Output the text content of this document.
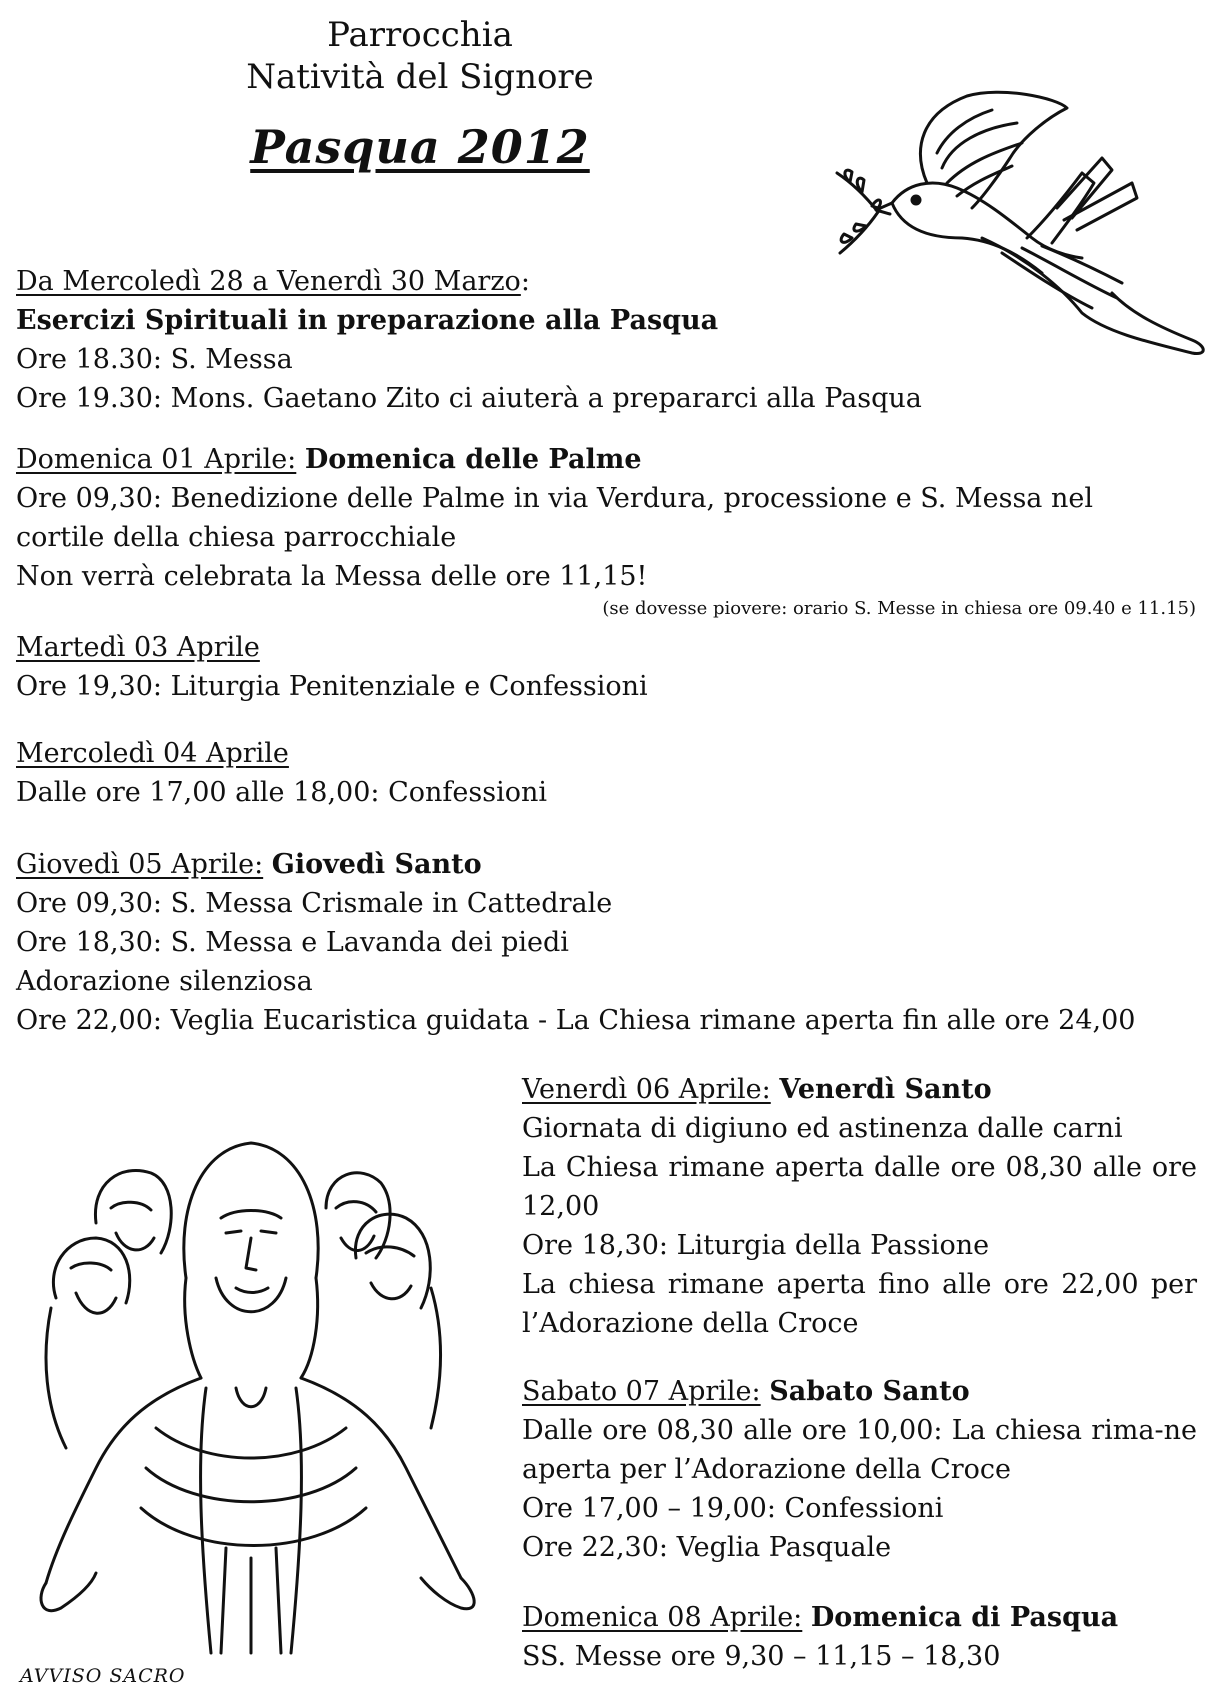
Parrocchia

Natività del Signore

Pasqua 2012

Da Mercoledì 28 a Venerdì 30 Marzo:

Esercizi Spirituali in preparazione alla Pasqua

Ore 18.30: S. Messa

Ore 19.30: Mons. Gaetano Zito ci aiuterà a prepararci alla Pasqua

Domenica 01 Aprile: Domenica delle Palme

Ore 09,30: Benedizione delle Palme in via Verdura, processione e S. Messa nel

cortile della chiesa parrocchiale

Non verrà celebrata la Messa delle ore 11,15!

(se dovesse piovere: orario S. Messe in chiesa ore 09.40 e 11.15)

Martedì 03 Aprile

Ore 19,30: Liturgia Penitenziale e Confessioni

Mercoledì 04 Aprile

Dalle ore 17,00 alle 18,00: Confessioni

Giovedì 05 Aprile: Giovedì Santo

Ore 09,30: S. Messa Crismale in Cattedrale

Ore 18,30: S. Messa e Lavanda dei piedi

Adorazione silenziosa

Ore 22,00: Veglia Eucaristica guidata - La Chiesa rimane aperta fin alle ore 24,00

Venerdì 06 Aprile: Venerdì Santo

Giornata di digiuno ed astinenza dalle carni

La Chiesa rimane aperta dalle ore 08,30 alle ore 12,00

Ore 18,30: Liturgia della Passione

La chiesa rimane aperta fino alle ore 22,00 per l’Adorazione della Croce

Sabato 07 Aprile: Sabato Santo

Dalle ore 08,30 alle ore 10,00: La chiesa rima-ne aperta per l’Adorazione della Croce

Ore 17,00 – 19,00: Confessioni

Ore 22,30: Veglia Pasquale

Domenica 08 Aprile: Domenica di Pasqua

SS. Messe ore 9,30 – 11,15 – 18,30

AVVISO SACRO
